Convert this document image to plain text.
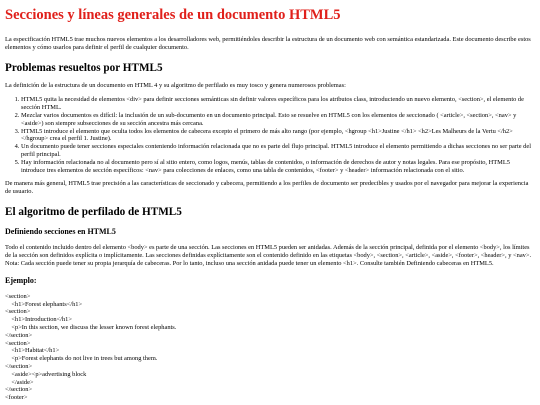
Secciones y líneas generales de un documento HTML5

La especificación HTML5 trae muchos nuevos elementos a los desarrolladores web, permitiéndoles describir la estructura de un documento web con semántica estandarizada. Este documento describe estos elementos y cómo usarlos para definir el perfil de cualquier documento.

Problemas resueltos por HTML5

La definición de la estructura de un documento en HTML 4 y su algoritmo de perfilado es muy tosco y genera numerosos problemas:

1. HTML5 quita la necesidad de elementos <div> para definir secciones semánticas sin definir valores específicos para los atributos class, introduciendo un nuevo elemento, <section>, el elemento de sección HTML.
2. Mezclar varios documentos es difícil: la inclusión de un sub-documento en un documento principal. Esto se resuelve en HTML5 con los elementos de seccionado ( <article>, <section>, <nav> y <aside>) son siempre subsecciones de su sección ancestra más cercana.
3. HTML5 introduce el elemento que oculta todos los elementos de cabecera excepto el primero de más alto rango (por ejemplo, <hgroup <h1>Justine </h1> <h2>Les Malheurs de la Vertu </h2> </hgroup> crea el perfil 1. Justine).
4. Un documento puede tener secciones especiales conteniendo información relacionada que no es parte del flujo principal. HTML5 introduce el elemento permitiendo a dichas secciones no ser parte del perfil principal.
5. Hay información relacionada no al documento pero sí al sitio entero, como logos, menús, tablas de contenidos, o información de derechos de autor y notas legales. Para ese propósito, HTML5 introduce tres elementos de sección específicos: <nav> para colecciones de enlaces, como una tabla de contenidos, <footer> y <header> información relacionada con el sitio.

De manera más general, HTML5 trae precisión a las características de seccionado y cabecera, permitiendo a los perfiles de documento ser predecibles y usados por el navegador para mejorar la experiencia de usuario.

El algoritmo de perfilado de HTML5
Definiendo secciones en HTML5

Todo el contenido incluido dentro del elemento <body> es parte de una sección. Las secciones en HTML5 pueden ser anidadas. Además de la sección principal, definida por el elemento <body>, los límites de la sección son definidos explícita o implícitamente. Las secciones definidas explícitamente son el contenido definido en las etiquetas <body>, <section>, <article>, <aside>, <footer>, <header>, y <nav>. Nota: Cada sección puede tener su propia jerarquía de cabeceras. Por lo tanto, incluso una sección anidada puede tener un elemento <h1>. Consulte también Definiendo cabeceras en HTML5.

Ejemplo:
<section>
<h1>Forest elephants</h1>
<section>
<h1>Introduction</h1>
<p>In this section, we discuss the lesser known forest elephants.
</section>
<section>
<h1>Habitat</h1>
<p>Forest elephants do not live in trees but among them.
</section>
<aside><p>advertising block
</aside>
</section>
<footer>
